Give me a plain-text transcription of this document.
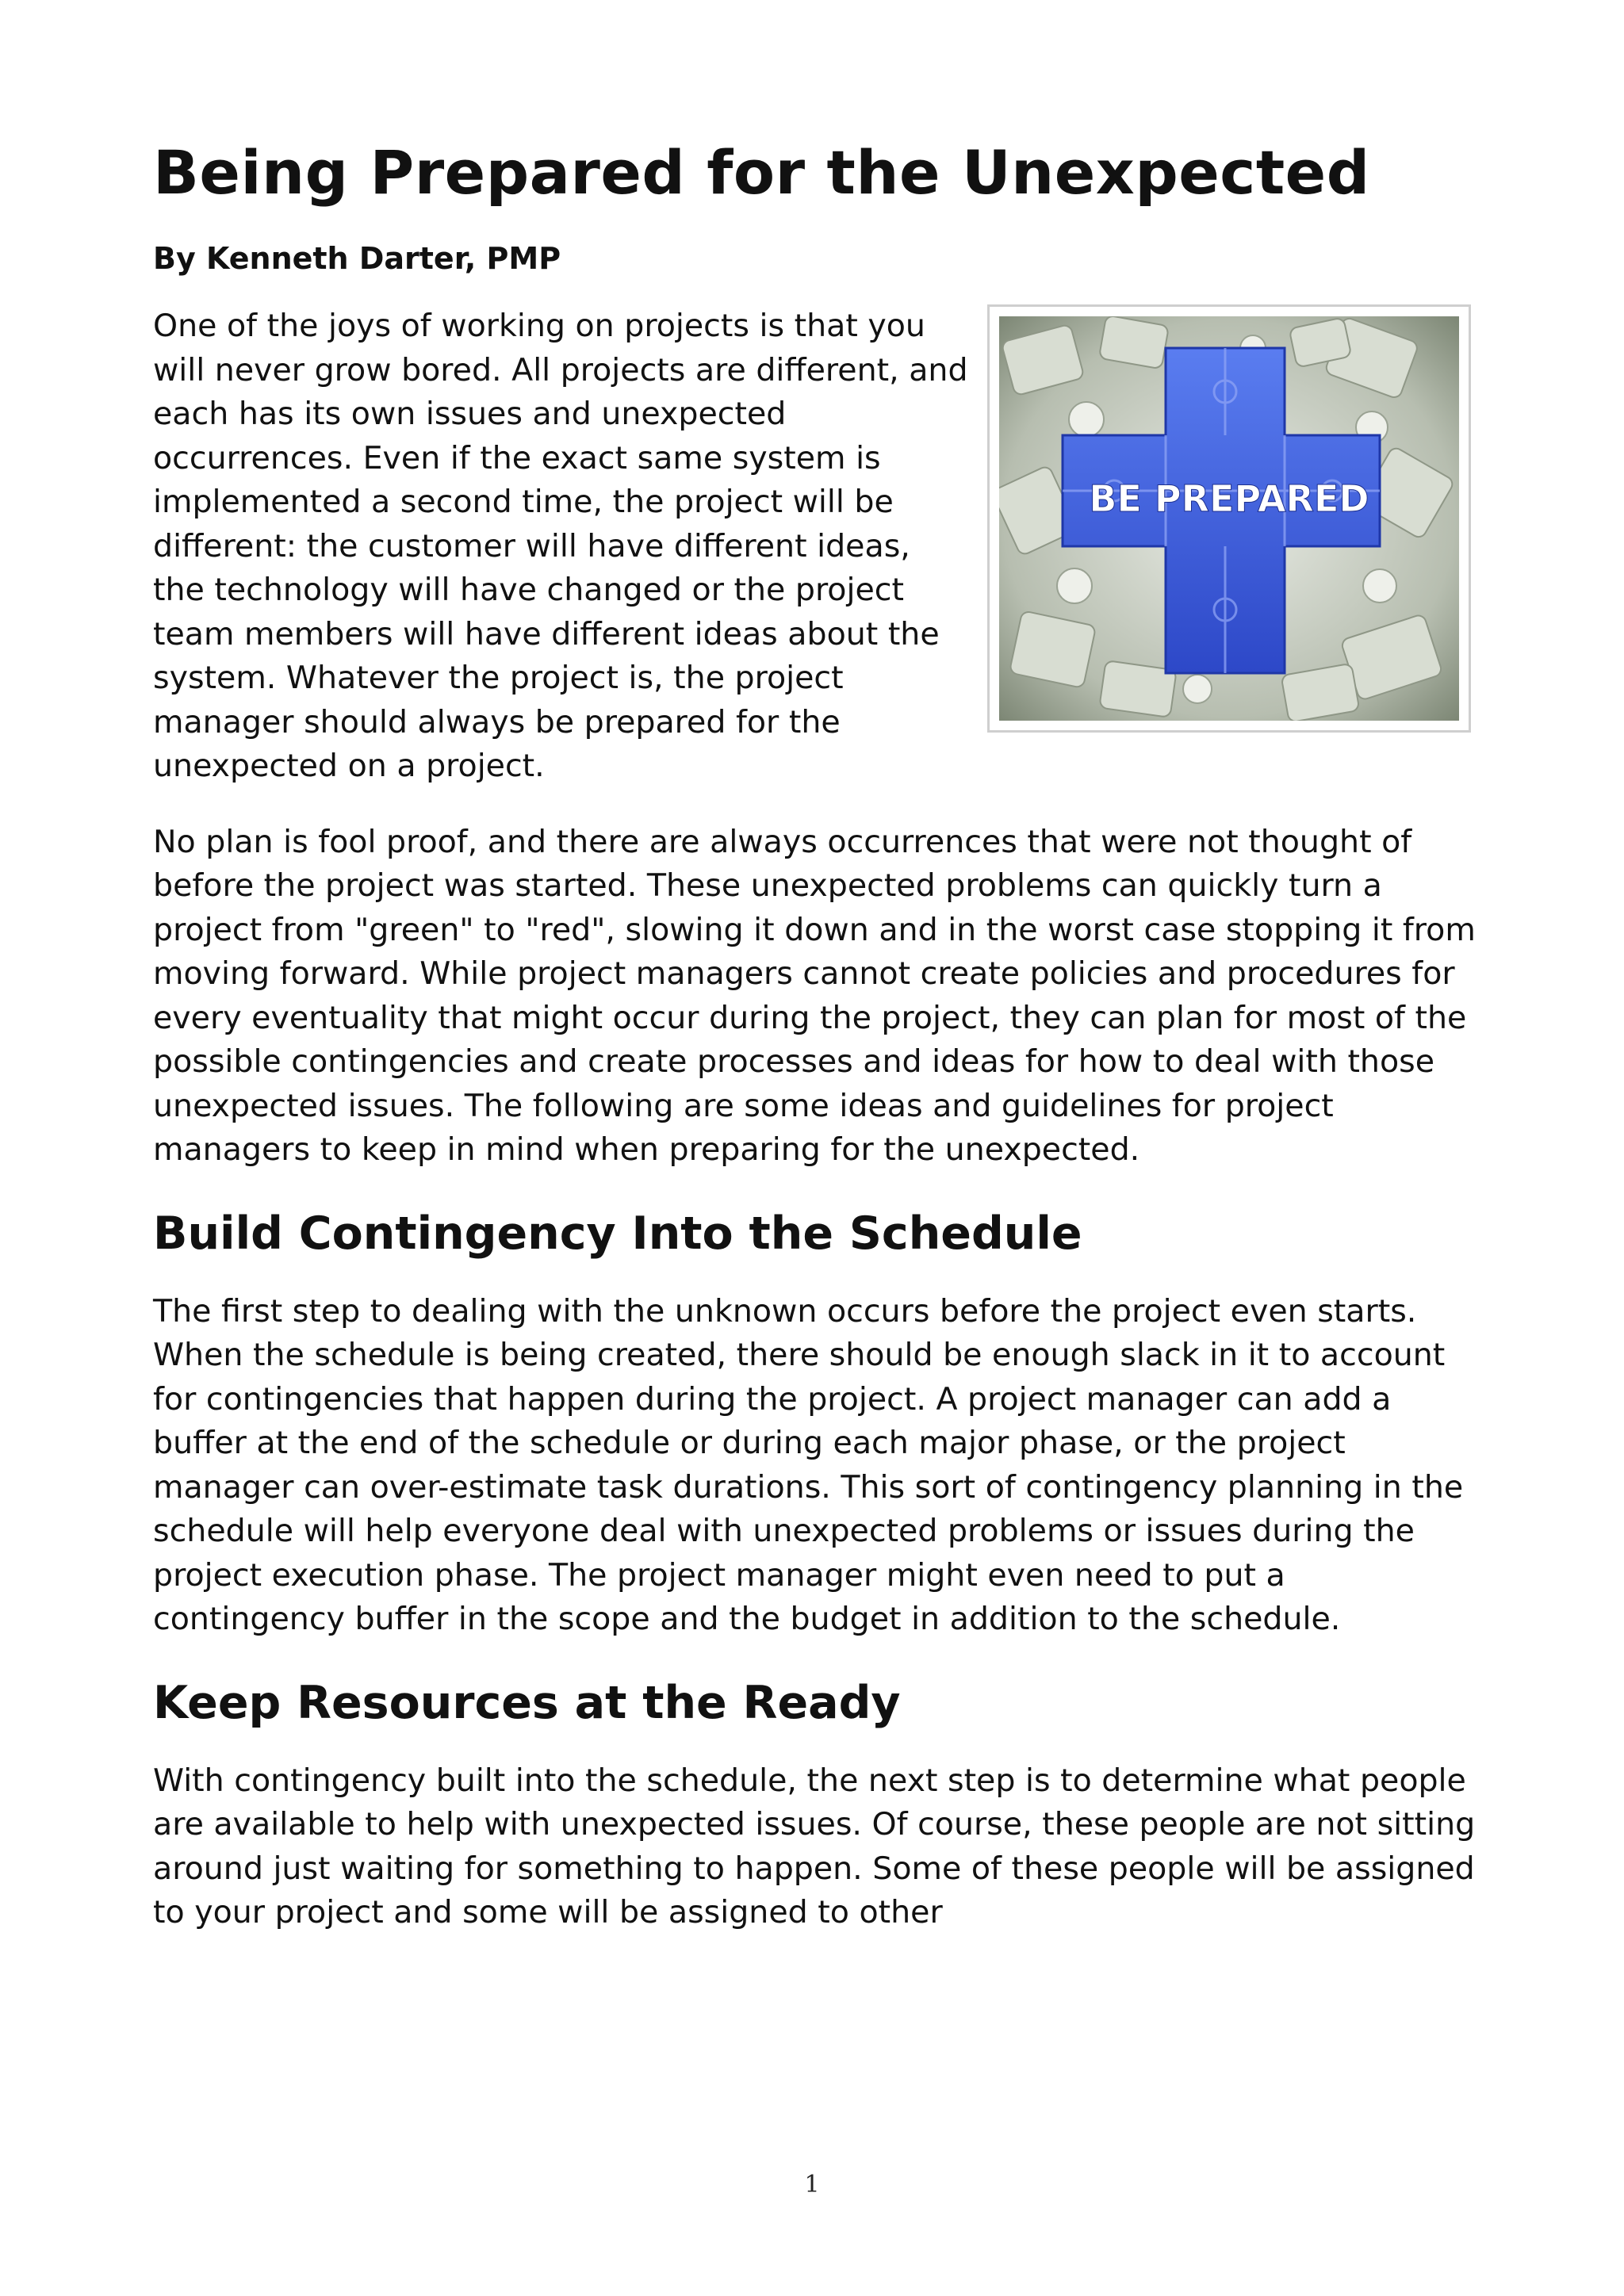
Being Prepared for the Unexpected
By Kenneth Darter, PMP

One of the joys of working on projects is that you will never grow bored. All projects are different, and each has its own issues and unexpected occurrences. Even if the exact same system is implemented a second time, the project will be different: the customer will have different ideas, the technology will have changed or the project team members will have different ideas about the system. Whatever the project is, the project manager should always be prepared for the unexpected on a project.

BE PREPARED

No plan is fool proof, and there are always occurrences that were not thought of before the project was started. These unexpected problems can quickly turn a project from "green" to "red", slowing it down and in the worst case stopping it from moving forward. While project managers cannot create policies and procedures for every eventuality that might occur during the project, they can plan for most of the possible contingencies and create processes and ideas for how to deal with those unexpected issues. The following are some ideas and guidelines for project managers to keep in mind when preparing for the unexpected.

Build Contingency Into the Schedule

The first step to dealing with the unknown occurs before the project even starts. When the schedule is being created, there should be enough slack in it to account for contingencies that happen during the project. A project manager can add a buffer at the end of the schedule or during each major phase, or the project manager can over-estimate task durations. This sort of contingency planning in the schedule will help everyone deal with unexpected problems or issues during the project execution phase. The project manager might even need to put a contingency buffer in the scope and the budget in addition to the schedule.

Keep Resources at the Ready

With contingency built into the schedule, the next step is to determine what people are available to help with unexpected issues. Of course, these people are not sitting around just waiting for something to happen. Some of these people will be assigned to your project and some will be assigned to other

1
